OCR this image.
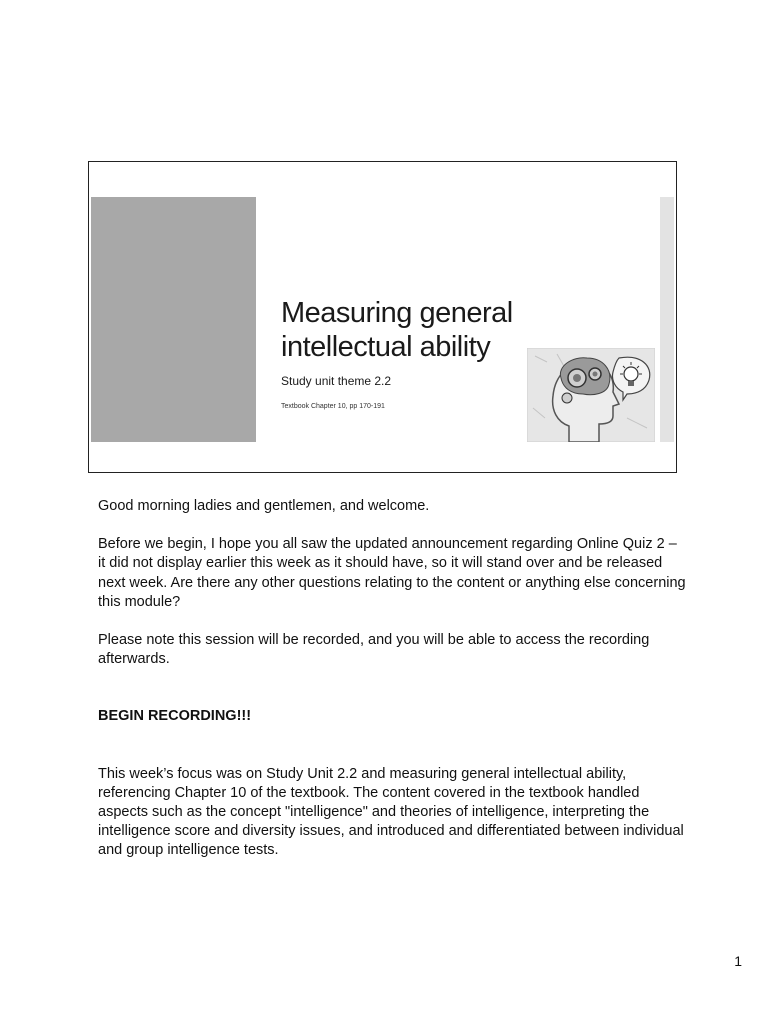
Measuring general
intellectual ability
Study unit theme 2.2
Textbook Chapter 10, pp 170-191

Good morning ladies and gentlemen, and welcome.

Before we begin, I hope you all saw the updated announcement regarding Online Quiz 2 – it did not display earlier this week as it should have, so it will stand over and be released next week. Are there any other questions relating to the content or anything else concerning this module?

Please note this session will be recorded, and you will be able to access the recording afterwards.

BEGIN RECORDING!!!

This week’s focus was on Study Unit 2.2 and measuring general intellectual ability, referencing Chapter 10 of the textbook. The content covered in the textbook handled aspects such as the concept "intelligence" and theories of intelligence, interpreting the intelligence score and diversity issues, and introduced and differentiated between individual and group intelligence tests.

1
